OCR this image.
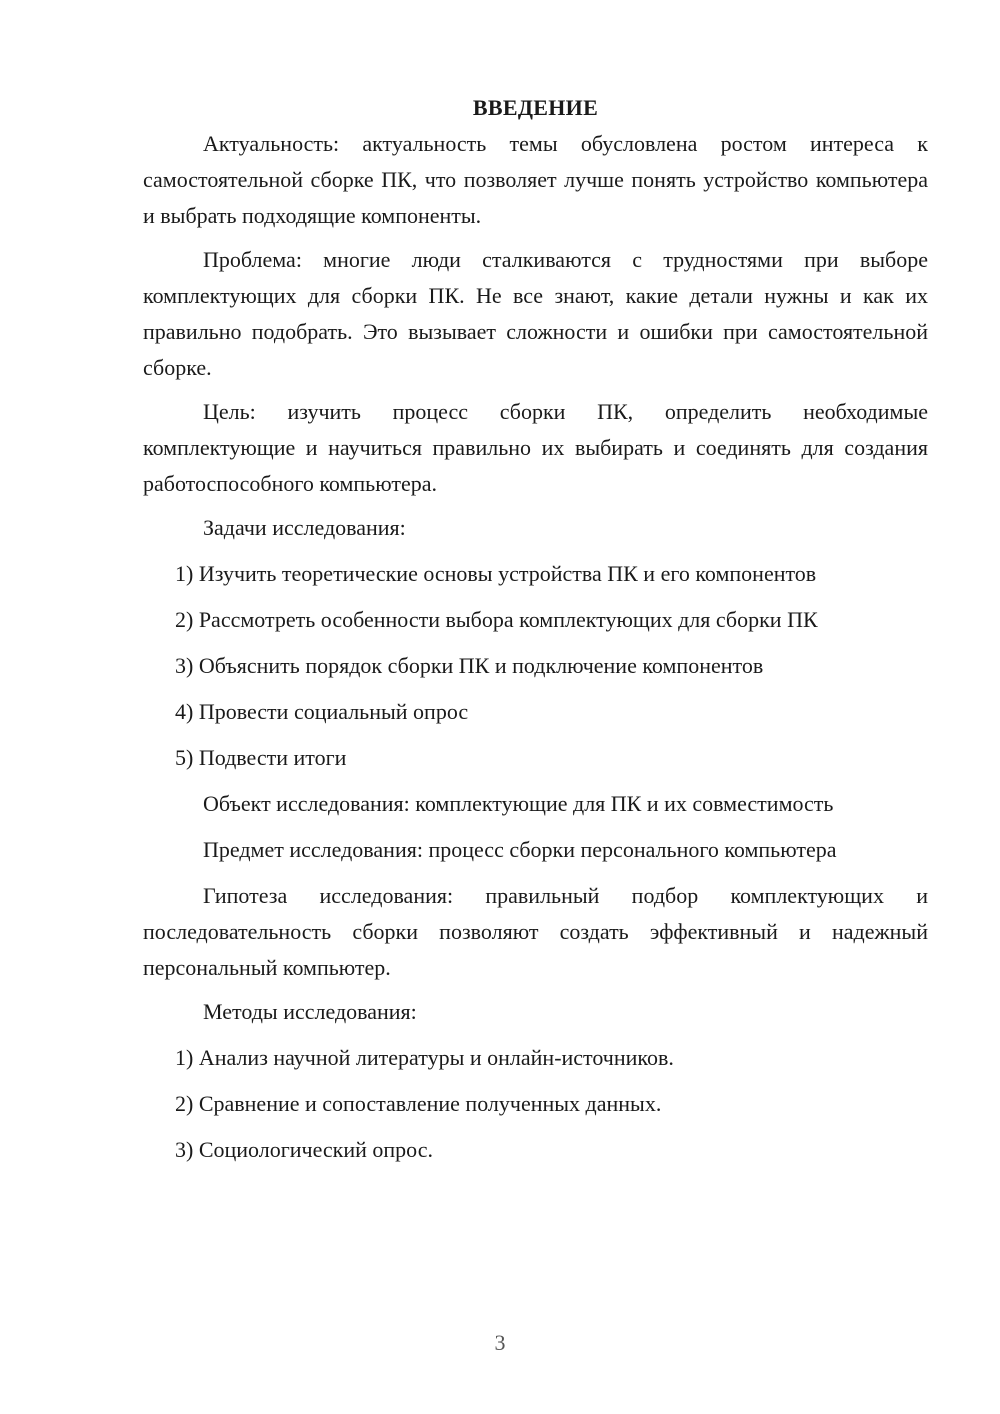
ВВЕДЕНИЕ

Актуальность: актуальность темы обусловлена ростом интереса к самостоятельной сборке ПК, что позволяет лучше понять устройство компьютера и выбрать подходящие компоненты.

Проблема: многие люди сталкиваются с трудностями при выборе комплектующих для сборки ПК. Не все знают, какие детали нужны и как их правильно подобрать. Это вызывает сложности и ошибки при самостоятельной сборке.

Цель: изучить процесс сборки ПК, определить необходимые комплектующие и научиться правильно их выбирать и соединять для создания работоспособного компьютера.

Задачи исследования:
1) Изучить теоретические основы устройства ПК и его компонентов
2) Рассмотреть особенности выбора комплектующих для сборки ПК
3) Объяснить порядок сборки ПК и подключение компонентов
4) Провести социальный опрос
5) Подвести итоги
Объект исследования: комплектующие для ПК и их совместимость
Предмет исследования: процесс сборки персонального компьютера

Гипотеза исследования: правильный подбор комплектующих и последовательность сборки позволяют создать эффективный и надежный персональный компьютер.

Методы исследования:
1) Анализ научной литературы и онлайн-источников.
2) Сравнение и сопоставление полученных данных.
3) Социологический опрос.
3
